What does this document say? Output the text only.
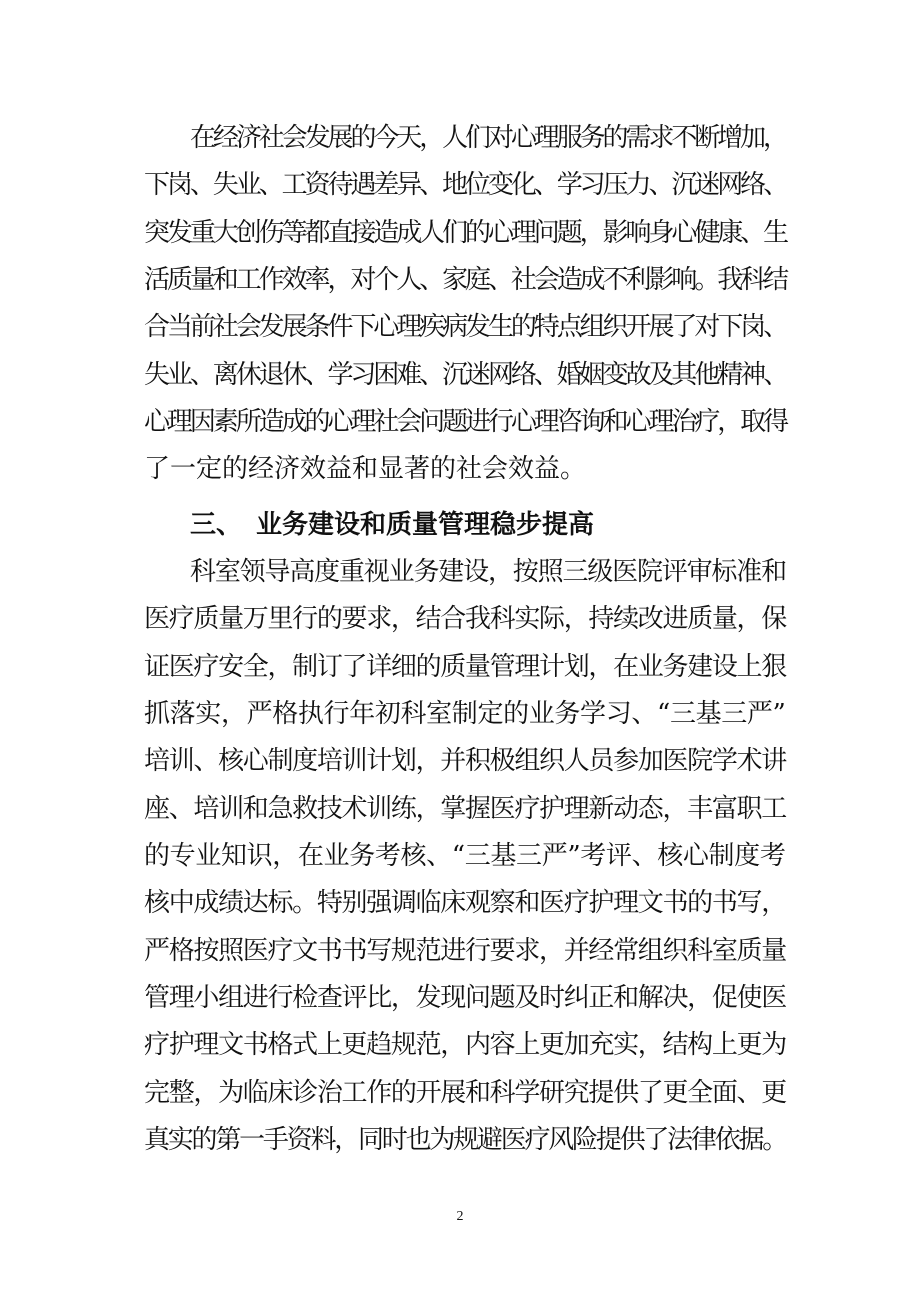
在经济社会发展的今天，人们对心理服务的需求不断增加，
下岗、失业、工资待遇差异、地位变化、学习压力、沉迷网络、
突发重大创伤等都直接造成人们的心理问题，影响身心健康、生
活质量和工作效率，对个人、家庭、社会造成不利影响。我科结
合当前社会发展条件下心理疾病发生的特点组织开展了对下岗、
失业、离休退休、学习困难、沉迷网络、婚姻变故及其他精神、
心理因素所造成的心理社会问题进行心理咨询和心理治疗，取得
了一定的经济效益和显著的社会效益。
三、 业务建设和质量管理稳步提高
科室领导高度重视业务建设，按照三级医院评审标准和
医疗质量万里行的要求，结合我科实际，持续改进质量，保
证医疗安全，制订了详细的质量管理计划，在业务建设上狠
抓落实，严格执行年初科室制定的业务学习、“三基三严”
培训、核心制度培训计划，并积极组织人员参加医院学术讲
座、培训和急救技术训练，掌握医疗护理新动态，丰富职工
的专业知识，在业务考核、“三基三严”考评、核心制度考
核中成绩达标。特别强调临床观察和医疗护理文书的书写，
严格按照医疗文书书写规范进行要求，并经常组织科室质量
管理小组进行检查评比，发现问题及时纠正和解决，促使医
疗护理文书格式上更趋规范，内容上更加充实，结构上更为
完整，为临床诊治工作的开展和科学研究提供了更全面、更
真实的第一手资料，同时也为规避医疗风险提供了法律依据。
2
